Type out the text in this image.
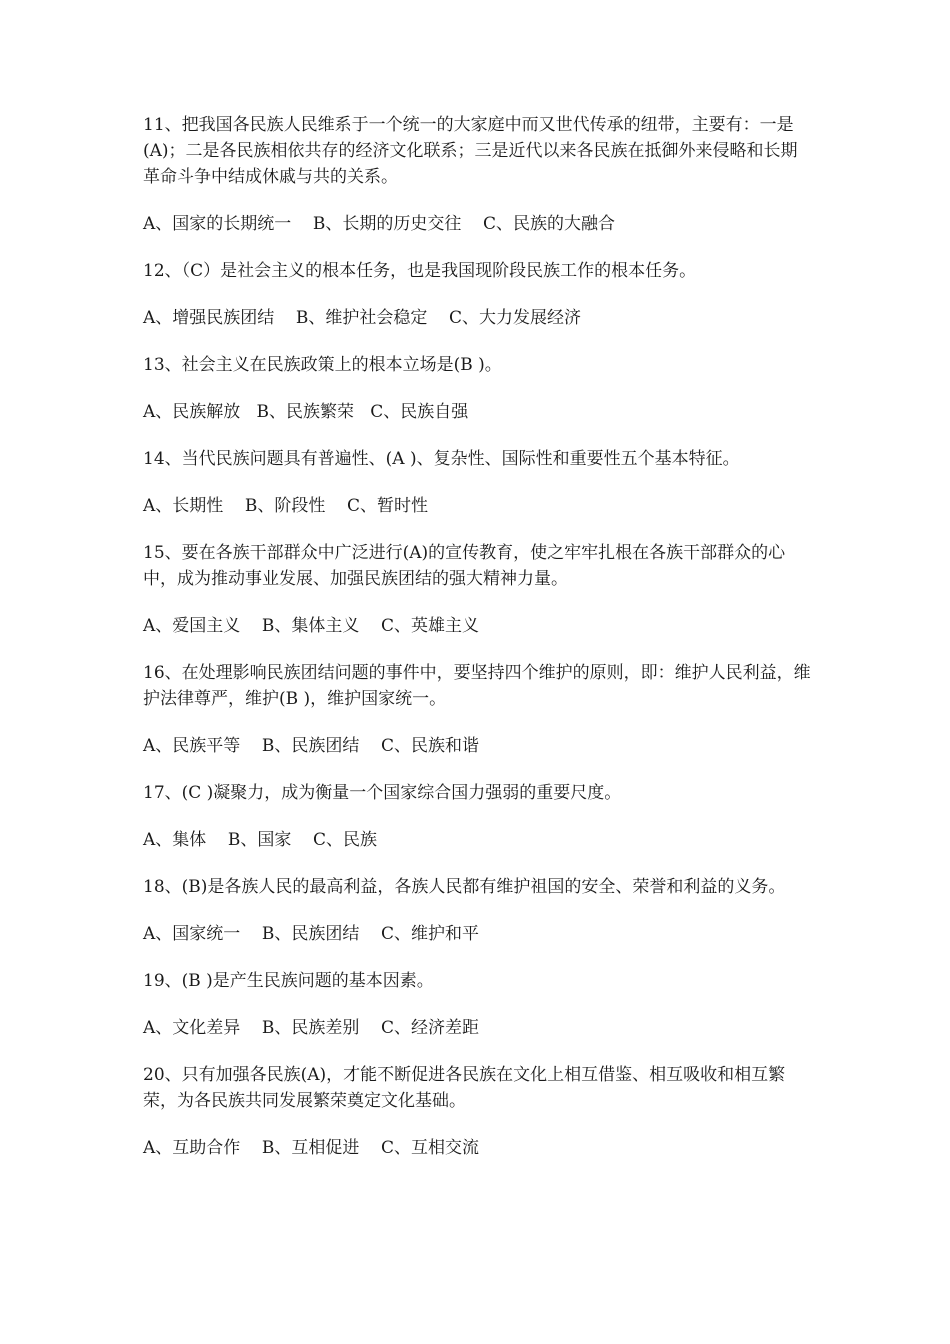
11、把我国各民族人民维系于一个统一的大家庭中而又世代传承的纽带，主要有：一是(A)；二是各民族相依共存的经济文化联系；三是近代以来各民族在抵御外来侵略和长期革命斗争中结成休戚与共的关系。

A、国家的长期统一    B、长期的历史交往    C、民族的大融合

12、（C）是社会主义的根本任务，也是我国现阶段民族工作的根本任务。

A、增强民族团结    B、维护社会稳定    C、大力发展经济

13、社会主义在民族政策上的根本立场是(B )。

A、民族解放   B、民族繁荣   C、民族自强

14、当代民族问题具有普遍性、(A )、复杂性、国际性和重要性五个基本特征。

A、长期性    B、阶段性    C、暂时性

15、要在各族干部群众中广泛进行(A)的宣传教育，使之牢牢扎根在各族干部群众的心中，成为推动事业发展、加强民族团结的强大精神力量。

A、爱国主义    B、集体主义    C、英雄主义

16、在处理影响民族团结问题的事件中，要坚持四个维护的原则，即：维护人民利益，维护法律尊严，维护(B )，维护国家统一。

A、民族平等    B、民族团结    C、民族和谐

17、(C )凝聚力，成为衡量一个国家综合国力强弱的重要尺度。

A、集体    B、国家    C、民族

18、(B)是各族人民的最高利益，各族人民都有维护祖国的安全、荣誉和利益的义务。

A、国家统一    B、民族团结    C、维护和平

19、(B )是产生民族问题的基本因素。

A、文化差异    B、民族差别    C、经济差距

20、只有加强各民族(A)，才能不断促进各民族在文化上相互借鉴、相互吸收和相互繁荣，为各民族共同发展繁荣奠定文化基础。

A、互助合作    B、互相促进    C、互相交流
